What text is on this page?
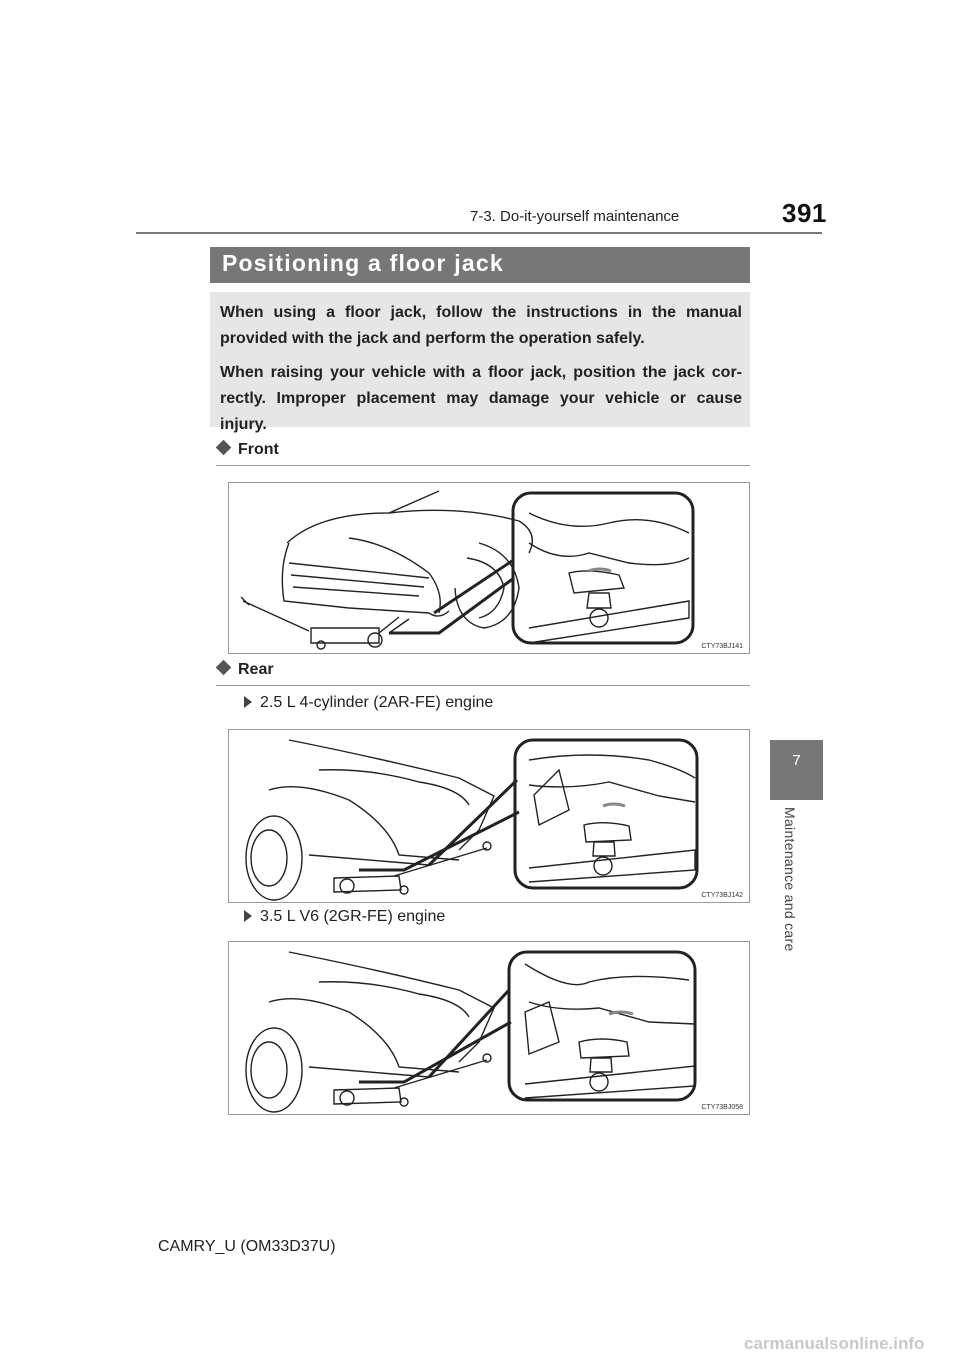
7-3. Do-it-yourself maintenance	391
7
Maintenance and care
Positioning a floor jack

When using a floor jack, follow the instructions in the manual provided with the jack and perform the operation safely.

When raising your vehicle with a floor jack, position the jack cor-rectly. Improper placement may damage your vehicle or cause injury.

Front
CTY73BJ141
Rear
2.5 L 4-cylinder (2AR-FE) engine
CTY73BJ142
3.5 L V6 (2GR-FE) engine
CTY73BJ058
CAMRY_U (OM33D37U)
carmanualsonline.info
